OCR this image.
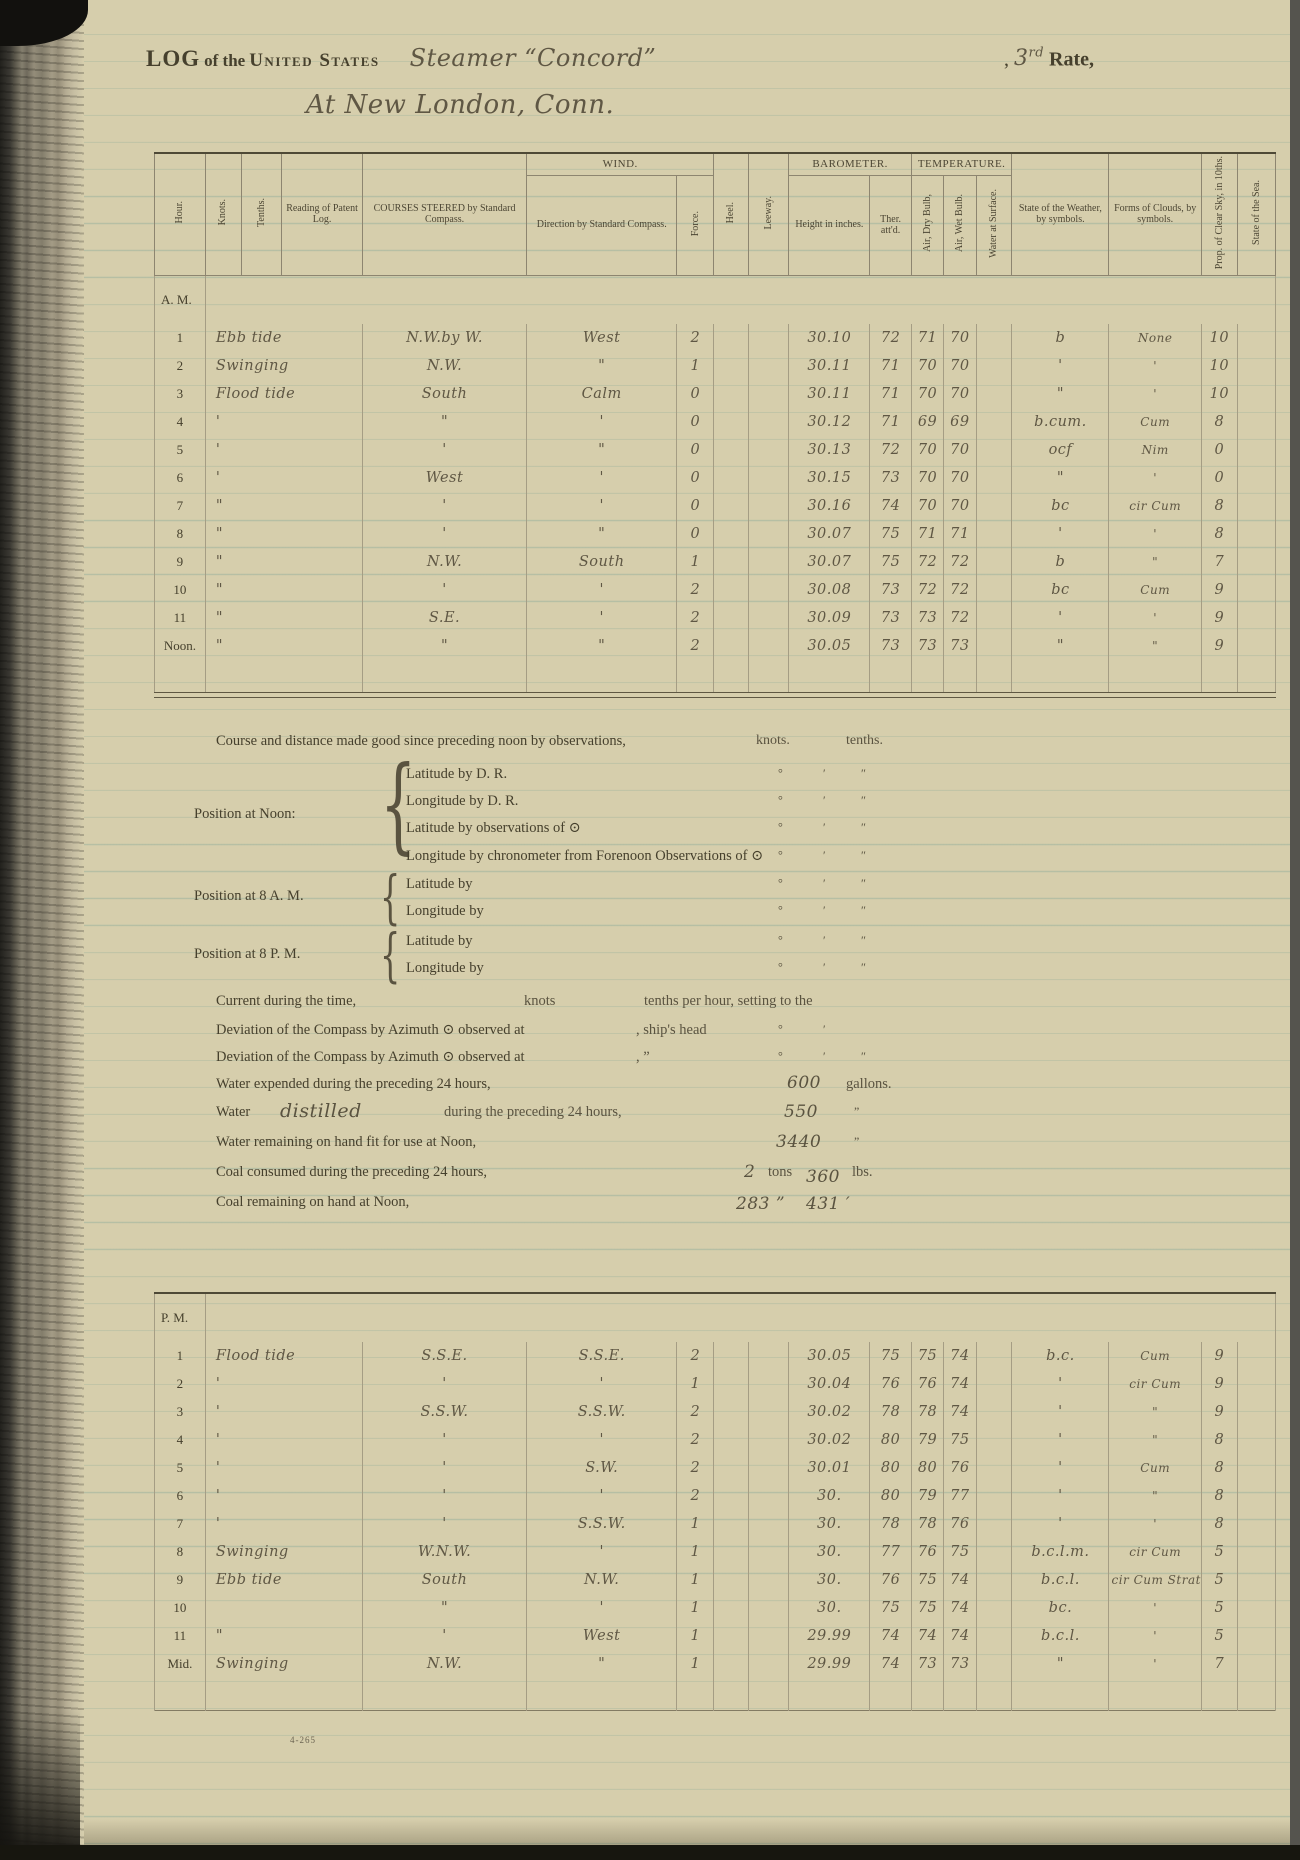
LOG of the United States Steamer “Concord”	, 3rd Rate,
At New London, Conn.
Hour.	Knots.	Tenths.	Reading of Patent Log.	COURSES STEERED by Standard Compass.	WIND.		Heel.	Leeway.	BAROMETER.		TEMPERATURE.			State of the Weather, by symbols.	Forms of Clouds, by symbols.	Prop. of Clear Sky, in 10ths.	State of the Sea.
					Direction by Standard Compass.	Force.			Height in inches.	Ther. att'd.	Air, Dry Bulb,	Air, Wet Bulb.	Water at Surface.				
A. M.																	
1	Ebb tide			N.W.by W.	West	2			30.10	72	71	70		b	None	10	
2	Swinging			N.W.	"	1			30.11	71	70	70		'	'	10	
3	Flood tide			South	Calm	0			30.11	71	70	70		"	'	10	
4	'			"	'	0			30.12	71	69	69		b.cum.	Cum	8	
5	'			'	"	0			30.13	72	70	70		ocf	Nim	0	
6	'			West	'	0			30.15	73	70	70		"	'	0	
7	"			'	'	0			30.16	74	70	70		bc	cir Cum	8	
8	"			'	"	0			30.07	75	71	71		'	'	8	
9	"			N.W.	South	1			30.07	75	72	72		b	"	7	
10	"			'	'	2			30.08	73	72	72		bc	Cum	9	
11	"			S.E.	'	2			30.09	73	73	72		'	'	9	
Noon.	"			"	"	2			30.05	73	73	73		"	"	9	

Course and distance made good since preceding noon by observations,	knots.	tenths.
Position at Noon: {
Latitude by D. R.	°	′	″
Longitude by D. R.	°	′	″
Latitude by observations of ⊙	°	′	″
Longitude by chronometer from Forenoon Observations of ⊙ °	′	″
Position at 8 A. M. { Latitude by	°	′	″
Longitude by	°	′	″
Position at 8 P. M. { Latitude by	°	′	″
Longitude by	°	′	″
Current during the time,	knots	tenths per hour, setting to the
Deviation of the Compass by Azimuth ⊙ observed at	, ship's head	°	′
Deviation of the Compass by Azimuth ⊙ observed at	, ”	°	′	″
Water expended during the preceding 24 hours,	600 gallons.
Water distilled	during the preceding 24 hours,	550	”
Water remaining on hand fit for use at Noon,	3440	”
Coal consumed during the preceding 24 hours,	2 tons 360 lbs.
Coal remaining on hand at Noon,	283 ” 431 ′
P. M.															
1	Flood tide	S.S.E.	S.S.E.	2			30.05	75	75	74		b.c.	Cum	9	
2	'	'	'	1			30.04	76	76	74		'	cir Cum	9	
3	'	S.S.W.	S.S.W.	2			30.02	78	78	74		'	"	9	
4	'	'	'	2			30.02	80	79	75		'	"	8	
5	'	'	S.W.	2			30.01	80	80	76		'	Cum	8	
6	'	'	'	2			30.	80	79	77		'	"	8	
7	'	'	S.S.W.	1			30.	78	78	76		'	'	8	
8	Swinging	W.N.W.	'	1			30.	77	76	75		b.c.l.m.	cir Cum	5	
9	Ebb tide	South	N.W.	1			30.	76	75	74		b.c.l.	cir Cum Strat	5	
10		"	'	1			30.	75	75	74		bc.	'	5	
11	"	'	West	1			29.99	74	74	74		b.c.l.	'	5	
Mid.	Swinging	N.W.	"	1			29.99	74	73	73		"	'	7	

4-265
